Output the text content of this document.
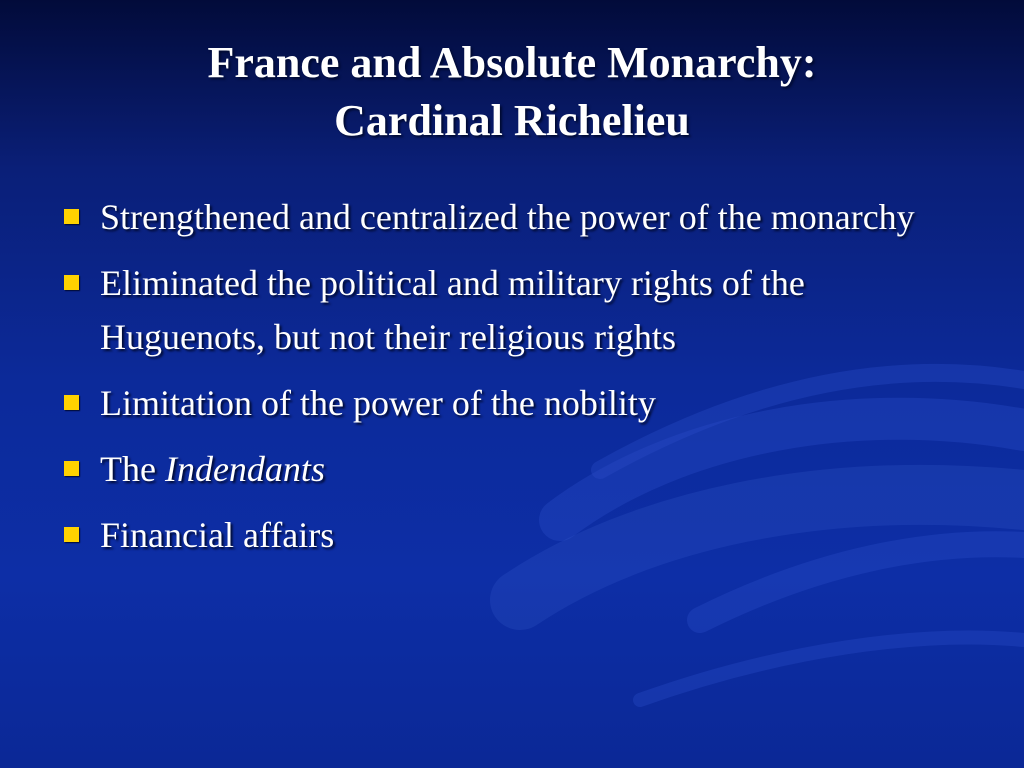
France and Absolute Monarchy:
Cardinal Richelieu
Strengthened and centralized the power of the monarchy
Eliminated the political and military rights of the Huguenots, but not their religious rights
Limitation of the power of the nobility
The Indendants
Financial affairs
